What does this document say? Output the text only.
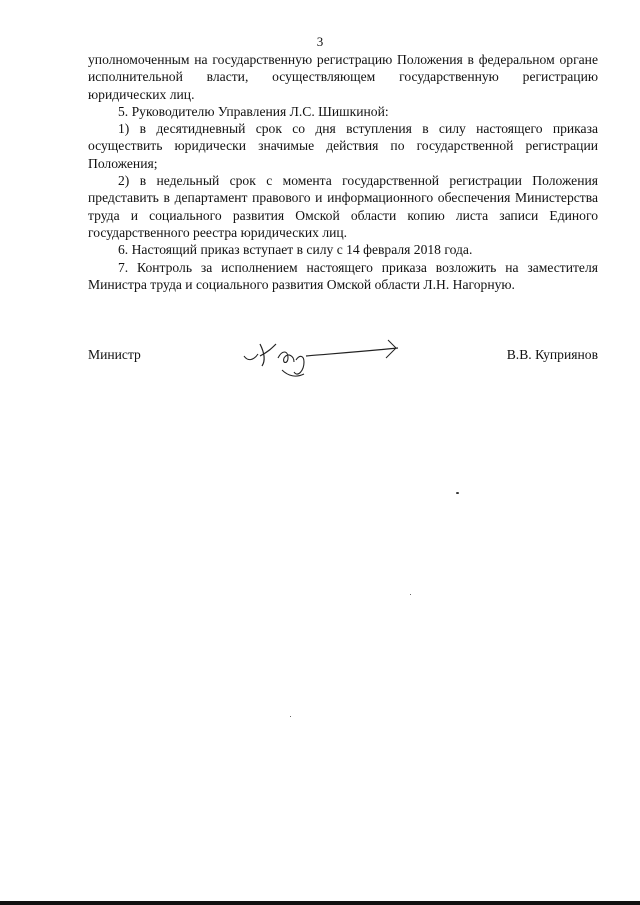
3

уполномоченным на государственную регистрацию Положения в федеральном органе исполнительной власти, осуществляющем государственную регистрацию юридических лиц.

5. Руководителю Управления Л.С. Шишкиной:

1) в десятидневный срок со дня вступления в силу настоящего приказа осуществить юридически значимые действия по государственной регистрации Положения;

2) в недельный срок с момента государственной регистрации Положения представить в департамент правового и информационного обеспечения Министерства труда и социального развития Омской области копию листа записи Единого государственного реестра юридических лиц.

6. Настоящий приказ вступает в силу с 14 февраля 2018 года.

7. Контроль за исполнением настоящего приказа возложить на заместителя Министра труда и социального развития Омской области Л.Н. Нагорную.

Министр	В.В. Куприянов
